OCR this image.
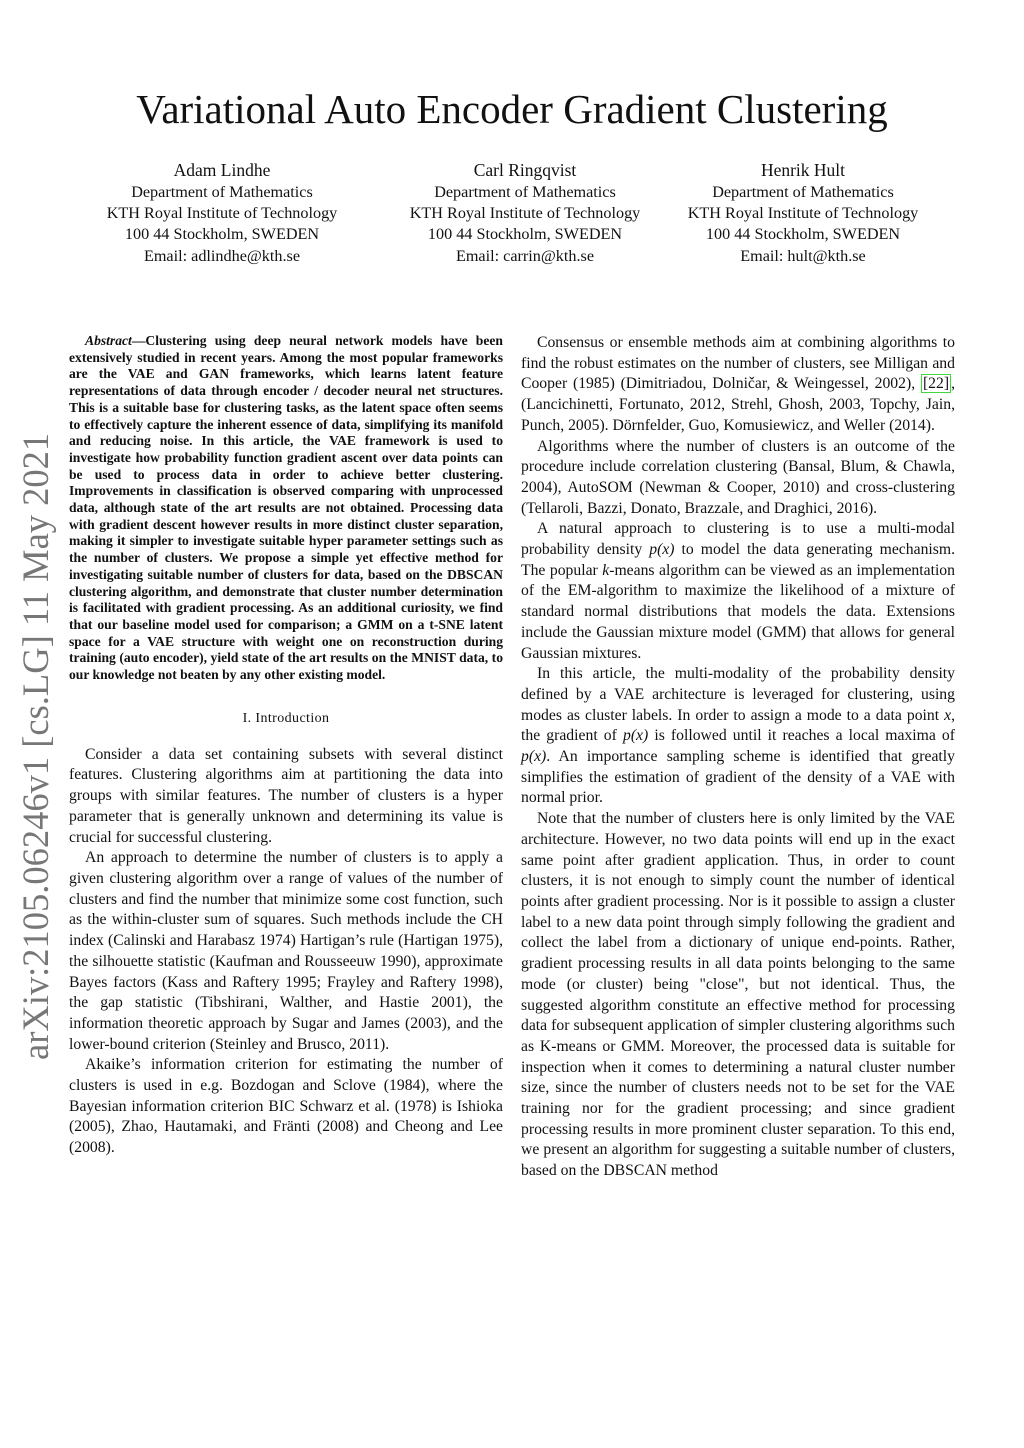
Variational Auto Encoder Gradient Clustering
Adam Lindhe
Department of Mathematics
KTH Royal Institute of Technology
100 44 Stockholm, SWEDEN
Email: adlindhe@kth.se
Carl Ringqvist
Department of Mathematics
KTH Royal Institute of Technology
100 44 Stockholm, SWEDEN
Email: carrin@kth.se
Henrik Hult
Department of Mathematics
KTH Royal Institute of Technology
100 44 Stockholm, SWEDEN
Email: hult@kth.se
arXiv:2105.06246v1 [cs.LG] 11 May 2021

Abstract—Clustering using deep neural network models have been extensively studied in recent years. Among the most popular frameworks are the VAE and GAN frameworks, which learns latent feature representations of data through encoder / decoder neural net structures. This is a suitable base for clustering tasks, as the latent space often seems to effectively capture the inherent essence of data, simplifying its manifold and reducing noise. In this article, the VAE framework is used to investigate how probability function gradient ascent over data points can be used to process data in order to achieve better clustering. Improvements in classification is observed comparing with unprocessed data, although state of the art results are not obtained. Processing data with gradient descent however results in more distinct cluster separation, making it simpler to investigate suitable hyper parameter settings such as the number of clusters. We propose a simple yet effective method for investigating suitable number of clusters for data, based on the DBSCAN clustering algorithm, and demonstrate that cluster number determination is facilitated with gradient processing. As an additional curiosity, we find that our baseline model used for comparison; a GMM on a t-SNE latent space for a VAE structure with weight one on reconstruction during training (auto encoder), yield state of the art results on the MNIST data, to our knowledge not beaten by any other existing model.

I. Introduction

Consider a data set containing subsets with several distinct features. Clustering algorithms aim at partitioning the data into groups with similar features. The number of clusters is a hyper parameter that is generally unknown and determining its value is crucial for successful clustering.

An approach to determine the number of clusters is to apply a given clustering algorithm over a range of values of the number of clusters and find the number that minimize some cost function, such as the within-cluster sum of squares. Such methods include the CH index (Calinski and Harabasz 1974) Hartigan’s rule (Hartigan 1975), the silhouette statistic (Kaufman and Rousseeuw 1990), approximate Bayes factors (Kass and Raftery 1995; Frayley and Raftery 1998), the gap statistic (Tibshirani, Walther, and Hastie 2001), the information theoretic approach by Sugar and James (2003), and the lower-bound criterion (Steinley and Brusco, 2011).

Akaike’s information criterion for estimating the number of clusters is used in e.g. Bozdogan and Sclove (1984), where the Bayesian information criterion BIC Schwarz et al. (1978) is Ishioka (2005), Zhao, Hautamaki, and Fränti (2008) and Cheong and Lee (2008).

Consensus or ensemble methods aim at combining algorithms to find the robust estimates on the number of clusters, see Milligan and Cooper (1985) (Dimitriadou, Dolničar, & Weingessel, 2002), [22] , (Lancichinetti, Fortunato, 2012, Strehl, Ghosh, 2003, Topchy, Jain, Punch, 2005). Dörnfelder, Guo, Komusiewicz, and Weller (2014).

Algorithms where the number of clusters is an outcome of the procedure include correlation clustering (Bansal, Blum, & Chawla, 2004), AutoSOM (Newman & Cooper, 2010) and cross-clustering (Tellaroli, Bazzi, Donato, Brazzale, and Draghici, 2016).

A natural approach to clustering is to use a multi-modal probability density p(x) to model the data generating mechanism. The popular k-means algorithm can be viewed as an implementation of the EM-algorithm to maximize the likelihood of a mixture of standard normal distributions that models the data. Extensions include the Gaussian mixture model (GMM) that allows for general Gaussian mixtures.

In this article, the multi-modality of the probability density defined by a VAE architecture is leveraged for clustering, using modes as cluster labels. In order to assign a mode to a data point x, the gradient of p(x) is followed until it reaches a local maxima of p(x). An importance sampling scheme is identified that greatly simplifies the estimation of gradient of the density of a VAE with normal prior.

Note that the number of clusters here is only limited by the VAE architecture. However, no two data points will end up in the exact same point after gradient application. Thus, in order to count clusters, it is not enough to simply count the number of identical points after gradient processing. Nor is it possible to assign a cluster label to a new data point through simply following the gradient and collect the label from a dictionary of unique end-points. Rather, gradient processing results in all data points belonging to the same mode (or cluster) being "close", but not identical. Thus, the suggested algorithm constitute an effective method for processing data for subsequent application of simpler clustering algorithms such as K-means or GMM. Moreover, the processed data is suitable for inspection when it comes to determining a natural cluster number size, since the number of clusters needs not to be set for the VAE training nor for the gradient processing; and since gradient processing results in more prominent cluster separation. To this end, we present an algorithm for suggesting a suitable number of clusters, based on the DBSCAN method
